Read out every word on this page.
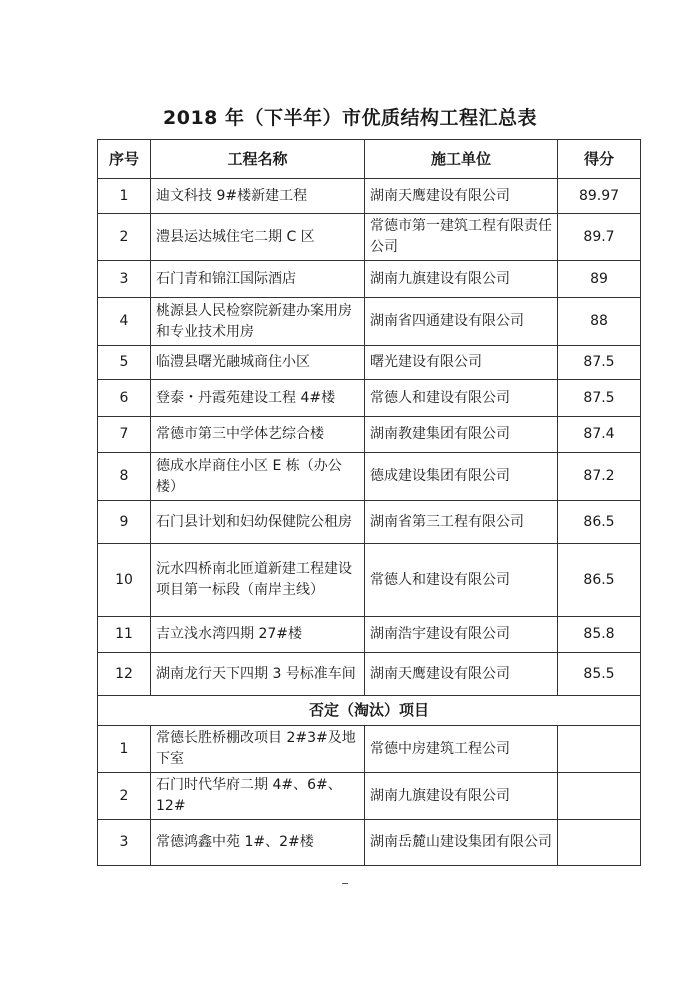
2018 年（下半年）市优质结构工程汇总表
序号	工程名称	施工单位	得分
1	迪文科技 9#楼新建工程	湖南天鹰建设有限公司	89.97
2	澧县运达城住宅二期 C 区	常德市第一建筑工程有限责任公司	89.7
3	石门青和锦江国际酒店	湖南九旗建设有限公司	89
4	桃源县人民检察院新建办案用房和专业技术用房	湖南省四通建设有限公司	88
5	临澧县曙光融城商住小区	曙光建设有限公司	87.5
6	登泰・丹霞苑建设工程 4#楼	常德人和建设有限公司	87.5
7	常德市第三中学体艺综合楼	湖南教建集团有限公司	87.4
8	德成水岸商住小区 E 栋（办公楼）	德成建设集团有限公司	87.2
9	石门县计划和妇幼保健院公租房	湖南省第三工程有限公司	86.5
10	沅水四桥南北匝道新建工程建设项目第一标段（南岸主线）	常德人和建设有限公司	86.5
11	吉立浅水湾四期 27#楼	湖南浩宇建设有限公司	85.8
12	湖南龙行天下四期 3 号标准车间	湖南天鹰建设有限公司	85.5
否定（淘汰）项目			
1	常德长胜桥棚改项目 2#3#及地下室	常德中房建筑工程公司	
2	石门时代华府二期 4#、6#、12#	湖南九旗建设有限公司	
3	常德鸿鑫中苑 1#、2#楼	湖南岳麓山建设集团有限公司	
